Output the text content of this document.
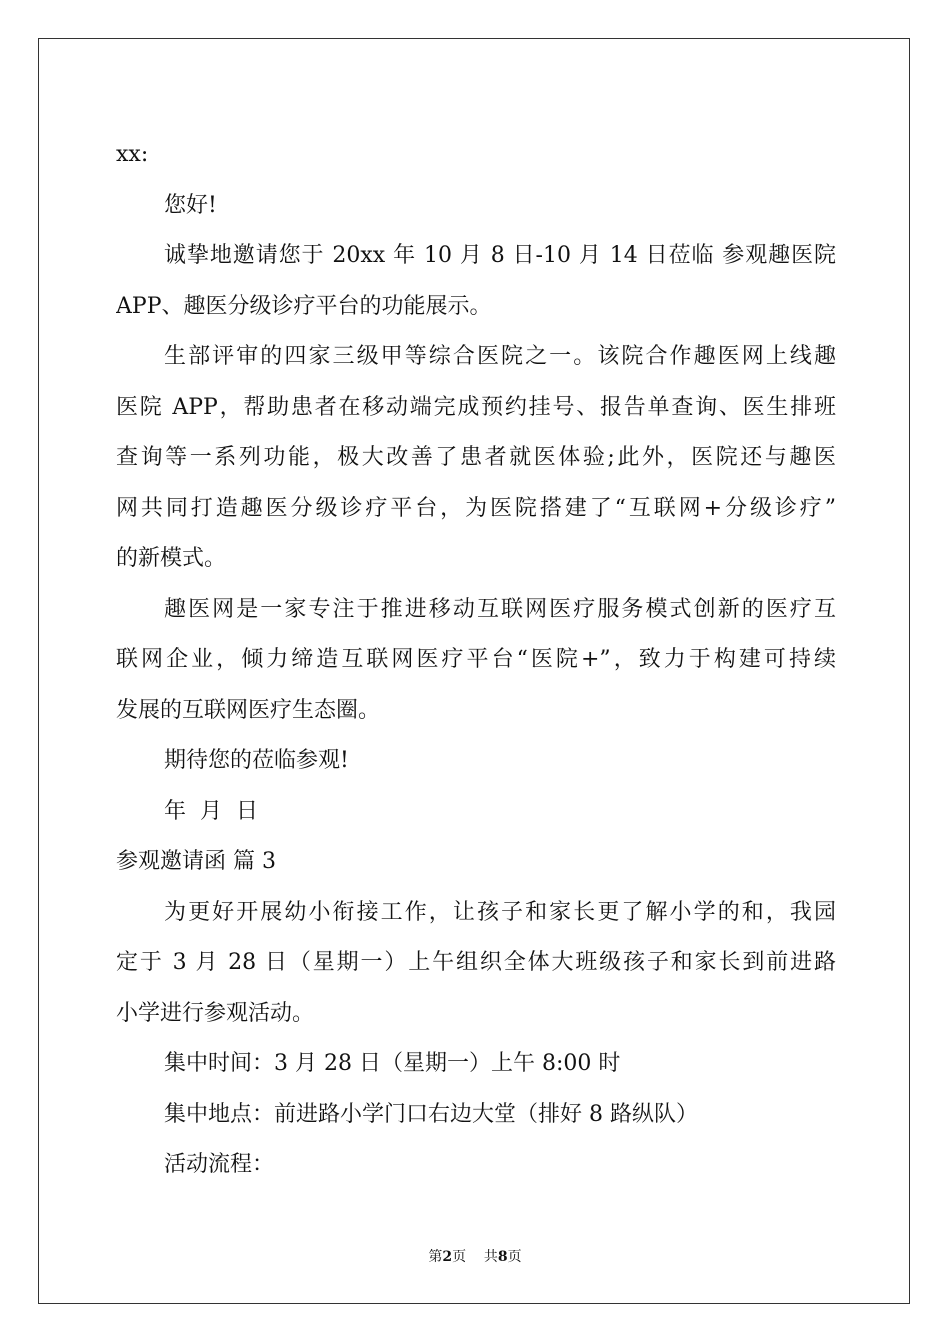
xx:
您好!
诚挚地邀请您于 20xx 年 10 月 8 日-10 月 14 日莅临 参观趣医院
APP、趣医分级诊疗平台的功能展示。
生部评审的四家三级甲等综合医院之一。该院合作趣医网上线趣
医院 APP，帮助患者在移动端完成预约挂号、报告单查询、医生排班
查询等一系列功能，极大改善了患者就医体验;此外，医院还与趣医
网共同打造趣医分级诊疗平台，为医院搭建了“互联网+分级诊疗”
的新模式。
趣医网是一家专注于推进移动互联网医疗服务模式创新的医疗互
联网企业，倾力缔造互联网医疗平台“医院+”，致力于构建可持续
发展的互联网医疗生态圈。
期待您的莅临参观!
年  月  日
参观邀请函 篇 3
为更好开展幼小衔接工作，让孩子和家长更了解小学的和，我园
定于 3 月 28 日（星期一）上午组织全体大班级孩子和家长到前进路
小学进行参观活动。
集中时间：3 月 28 日（星期一）上午 8:00 时
集中地点：前进路小学门口右边大堂（排好 8 路纵队）
活动流程：
第2页 共8页
